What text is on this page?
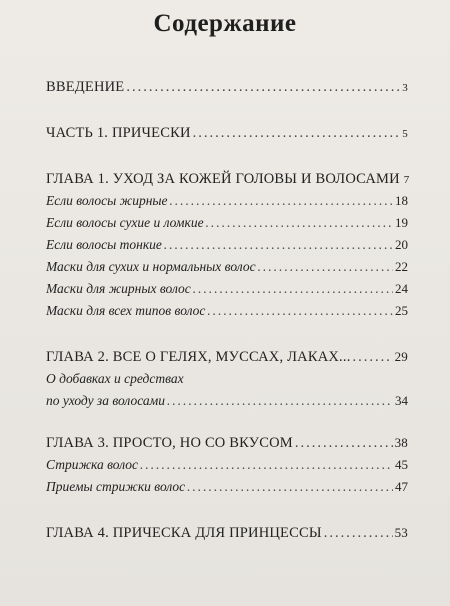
Содержание
ВВЕДЕНИЕ .....	3
ЧАСТЬ 1. ПРИЧЕСКИ .....	5
ГЛАВА 1. УХОД ЗА КОЖЕЙ ГОЛОВЫ И ВОЛОСАМИ 7
Если волосы жирные .....	18
Если волосы сухие и ломкие .....	19
Если волосы тонкие .....	20
Маски для сухих и нормальных волос .....	22
Маски для жирных волос .....	24
Маски для всех типов волос .....	25
ГЛАВА 2. ВСЕ О ГЕЛЯХ, МУССАХ, ЛАКАХ... .....	29
О добавках и средствах
по уходу за волосами .....	34
ГЛАВА 3. ПРОСТО, НО СО ВКУСОМ .....	38
Стрижка волос .....	45
Приемы стрижки волос .....	47
ГЛАВА 4. ПРИЧЕСКА ДЛЯ ПРИНЦЕССЫ .....	53
